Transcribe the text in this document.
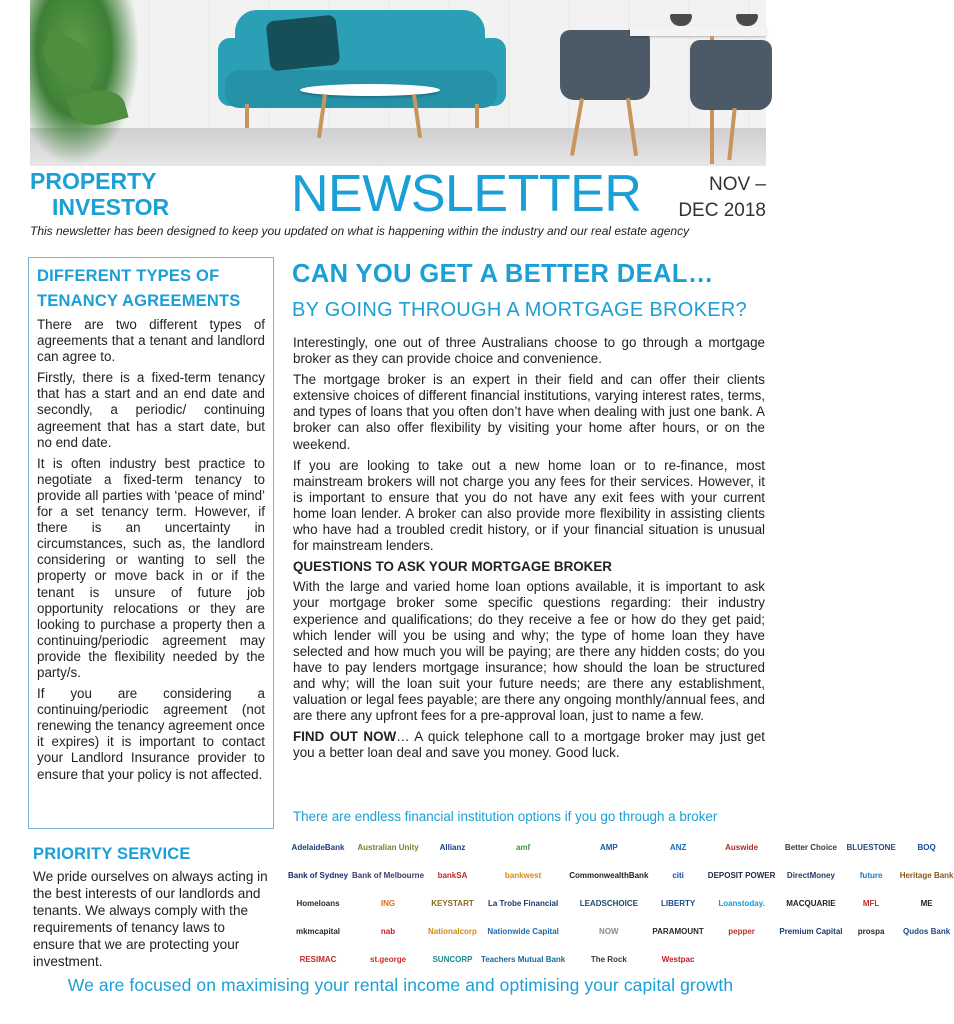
PROPERTY
INVESTOR NEWSLETTER	NOV –
DEC 2018
This newsletter has been designed to keep you updated on what is happening within the industry and our real estate agency
DIFFERENT TYPES OF TENANCY AGREEMENTS

There are two different types of agreements that a tenant and landlord can agree to.

Firstly, there is a fixed-term tenancy that has a start and an end date and secondly, a periodic/ continuing agreement that has a start date, but no end date.

It is often industry best practice to negotiate a fixed-term tenancy to provide all parties with ‘peace of mind’ for a set tenancy term. However, if there is an uncertainty in circumstances, such as, the landlord considering or wanting to sell the property or move back in or if the tenant is unsure of future job opportunity relocations or they are looking to purchase a property then a continuing/periodic agreement may provide the flexibility needed by the party/s.

If you are considering a continuing/periodic agreement (not renewing the tenancy agreement once it expires) it is important to contact your Landlord Insurance provider to ensure that your policy is not affected.

PRIORITY SERVICE

We pride ourselves on always acting in the best interests of our landlords and tenants. We always comply with the requirements of tenancy laws to ensure that we are protecting your investment.

CAN YOU GET A BETTER DEAL…
BY GOING THROUGH A MORTGAGE BROKER?

Interestingly, one out of three Australians choose to go through a mortgage broker as they can provide choice and convenience.

The mortgage broker is an expert in their field and can offer their clients extensive choices of different financial institutions, varying interest rates, terms, and types of loans that you often don’t have when dealing with just one bank. A broker can also offer flexibility by visiting your home after hours, or on the weekend.

If you are looking to take out a new home loan or to re-finance, most mainstream brokers will not charge you any fees for their services. However, it is important to ensure that you do not have any exit fees with your current home loan lender. A broker can also provide more flexibility in assisting clients who have had a troubled credit history, or if your financial situation is unusual for mainstream lenders.

QUESTIONS TO ASK YOUR MORTGAGE BROKER

With the large and varied home loan options available, it is important to ask your mortgage broker some specific questions regarding: their industry experience and qualifications; do they receive a fee or how do they get paid; which lender will you be using and why; the type of home loan they have selected and how much you will be paying; are there any hidden costs; do you have to pay lenders mortgage insurance; how should the loan be structured and why; will the loan suit your future needs; are there any establishment, valuation or legal fees payable; are there any ongoing monthly/annual fees, and are there any upfront fees for a pre-approval loan, just to name a few.

FIND OUT NOW… A quick telephone call to a mortgage broker may just get you a better loan deal and save you money. Good luck.

There are endless financial institution options if you go through a broker
AdelaideBank	Australian Unity	Allianz	amf	AMP	ANZ	Auswide	Better Choice	BLUESTONE	BOQ
Bank of Sydney Bank of Melbourne	bankSA	bankwest	CommonwealthBank	citi	DEPOSIT POWER	DirectMoney	future	Heritage Bank
Homeloans	ING	KEYSTART	La Trobe Financial	LEADSCHOICE	LIBERTY	Loanstoday.	MACQUARIE	MFL	ME
mkmcapital	nab	Nationalcorp	Nationwide Capital	NOW	PARAMOUNT	pepper	Premium Capital	prospa	Qudos Bank
RESIMAC	st.george	SUNCORP	Teachers Mutual Bank	The Rock	Westpac
We are focused on maximising your rental income and optimising your capital growth
